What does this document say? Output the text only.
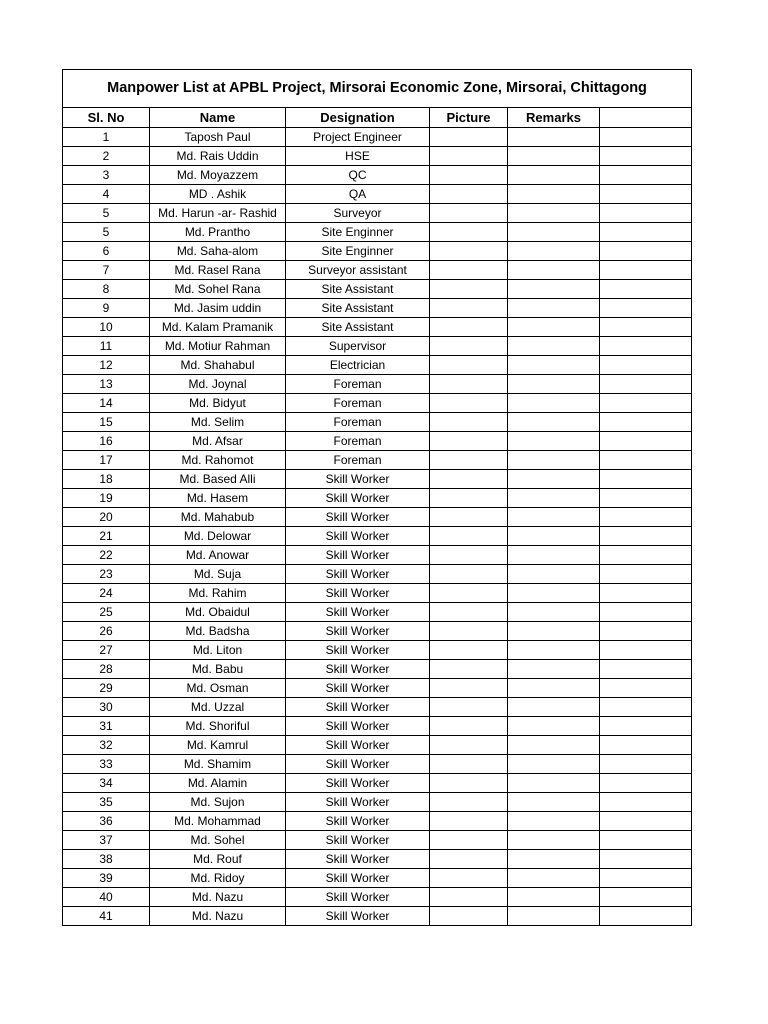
Manpower List at APBL Project, Mirsorai Economic Zone, Mirsorai, Chittagong					
Sl. No	Name	Designation	Picture	Remarks	
1	Taposh Paul	Project Engineer			
2	Md. Rais Uddin	HSE			
3	Md. Moyazzem	QC			
4	MD . Ashik	QA			
5	Md. Harun -ar- Rashid	Surveyor			
5	Md. Prantho	Site Enginner			
6	Md. Saha-alom	Site Enginner			
7	Md. Rasel Rana	Surveyor assistant			
8	Md. Sohel Rana	Site Assistant			
9	Md. Jasim uddin	Site Assistant			
10	Md. Kalam Pramanik	Site Assistant			
11	Md. Motiur Rahman	Supervisor			
12	Md. Shahabul	Electrician			
13	Md. Joynal	Foreman			
14	Md. Bidyut	Foreman			
15	Md. Selim	Foreman			
16	Md. Afsar	Foreman			
17	Md. Rahomot	Foreman			
18	Md. Based Alli	Skill Worker			
19	Md. Hasem	Skill Worker			
20	Md. Mahabub	Skill Worker			
21	Md. Delowar	Skill Worker			
22	Md. Anowar	Skill Worker			
23	Md. Suja	Skill Worker			
24	Md. Rahim	Skill Worker			
25	Md. Obaidul	Skill Worker			
26	Md. Badsha	Skill Worker			
27	Md. Liton	Skill Worker			
28	Md. Babu	Skill Worker			
29	Md. Osman	Skill Worker			
30	Md. Uzzal	Skill Worker			
31	Md. Shoriful	Skill Worker			
32	Md. Kamrul	Skill Worker			
33	Md. Shamim	Skill Worker			
34	Md. Alamin	Skill Worker			
35	Md. Sujon	Skill Worker			
36	Md. Mohammad	Skill Worker			
37	Md. Sohel	Skill Worker			
38	Md. Rouf	Skill Worker			
39	Md. Ridoy	Skill Worker			
40	Md. Nazu	Skill Worker			
41	Md. Nazu	Skill Worker			
